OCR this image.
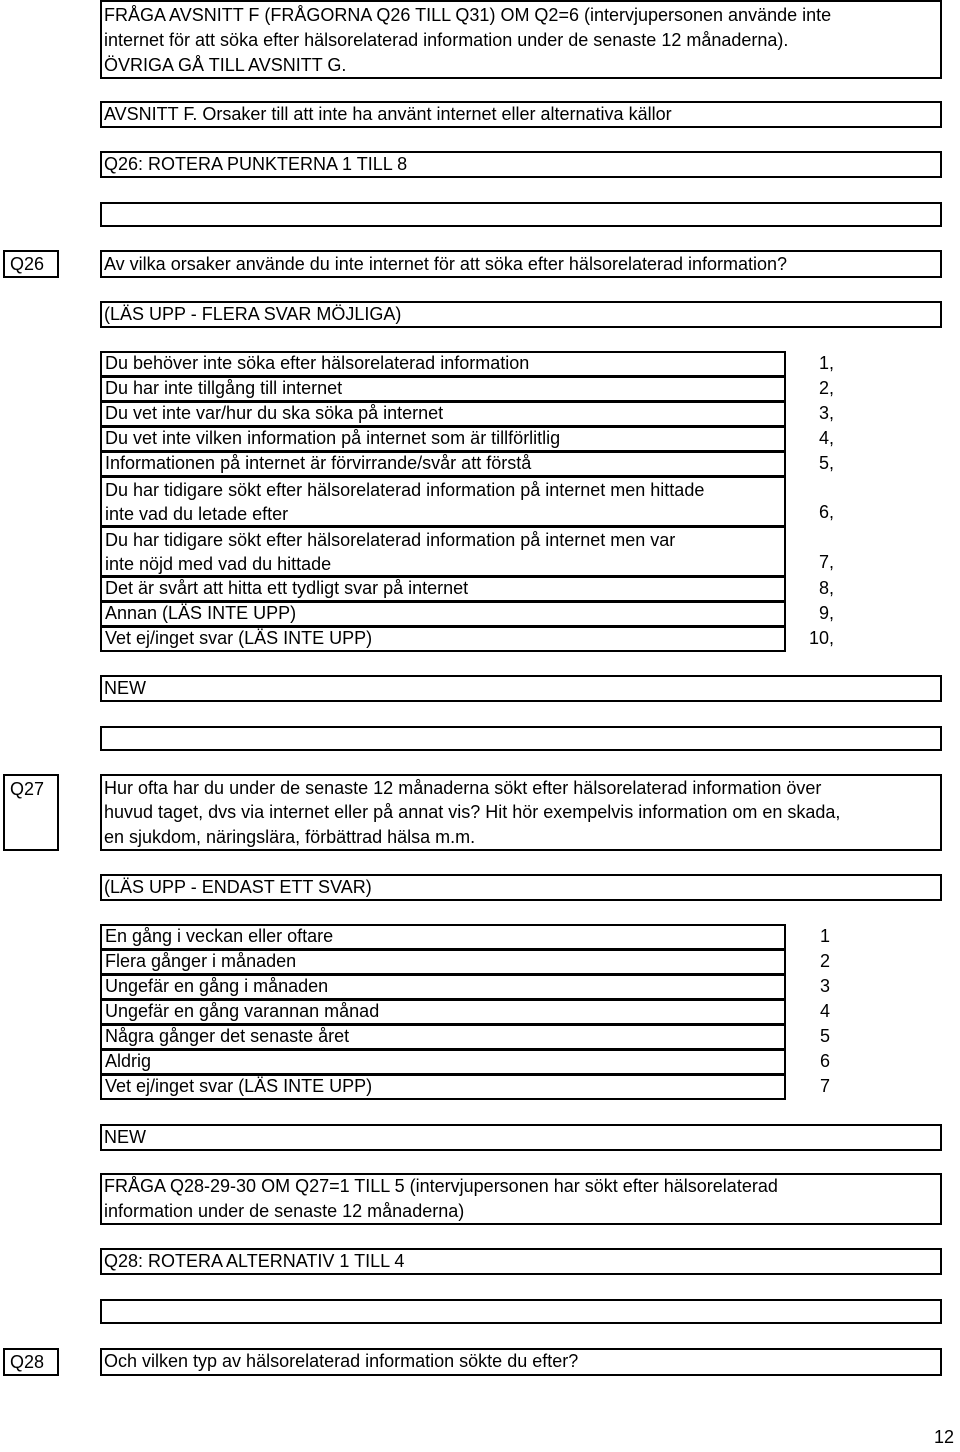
FRÅGA AVSNITT F (FRÅGORNA Q26 TILL Q31) OM Q2=6 (intervjupersonen använde inte
internet för att söka efter hälsorelaterad information under de senaste 12 månaderna).
ÖVRIGA GÅ TILL AVSNITT G.
AVSNITT F. Orsaker till att inte ha använt internet eller alternativa källor
Q26: ROTERA PUNKTERNA 1 TILL 8
Q26	Av vilka orsaker använde du inte internet för att söka efter hälsorelaterad information?
(LÄS UPP - FLERA SVAR MÖJLIGA)
Du behöver inte söka efter hälsorelaterad information	1,
Du har inte tillgång till internet	2,
Du vet inte var/hur du ska söka på internet	3,
Du vet inte vilken information på internet som är tillförlitlig	4,
Informationen på internet är förvirrande/svår att förstå	5,
Du har tidigare sökt efter hälsorelaterad information på internet men hittade
inte vad du letade efter	6,
Du har tidigare sökt efter hälsorelaterad information på internet men var
inte nöjd med vad du hittade	7,
Det är svårt att hitta ett tydligt svar på internet	8,
Annan (LÄS INTE UPP)	9,
Vet ej/inget svar (LÄS INTE UPP)	10,
NEW
Q27	Hur ofta har du under de senaste 12 månaderna sökt efter hälsorelaterad information över
huvud taget, dvs via internet eller på annat vis? Hit hör exempelvis information om en skada,
en sjukdom, näringslära, förbättrad hälsa m.m.
(LÄS UPP - ENDAST ETT SVAR)
En gång i veckan eller oftare	1
Flera gånger i månaden	2
Ungefär en gång i månaden	3
Ungefär en gång varannan månad	4
Några gånger det senaste året	5
Aldrig	6
Vet ej/inget svar (LÄS INTE UPP)	7
NEW
FRÅGA Q28-29-30 OM Q27=1 TILL 5 (intervjupersonen har sökt efter hälsorelaterad
information under de senaste 12 månaderna)
Q28: ROTERA ALTERNATIV 1 TILL 4
Q28	Och vilken typ av hälsorelaterad information sökte du efter?
12
